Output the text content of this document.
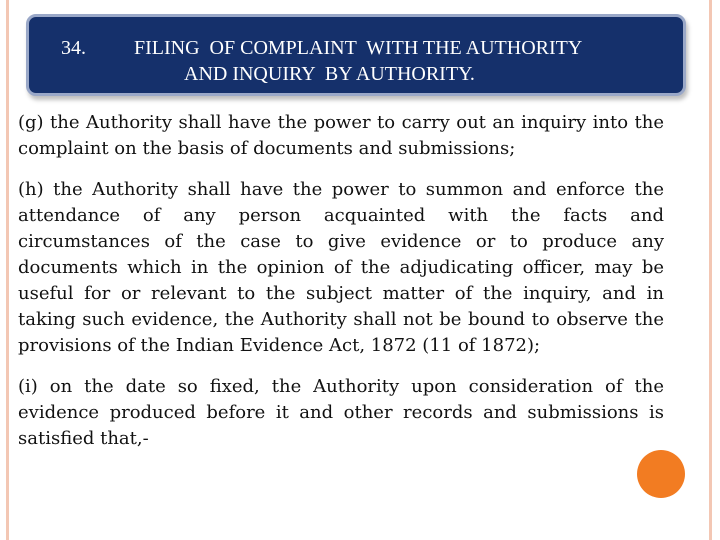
34. FILING  OF COMPLAINT  WITH THE AUTHORITY
AND INQUIRY  BY AUTHORITY.

(g) the Authority shall have the power to carry out an inquiry into the complaint on the basis of documents and submissions;

(h) the Authority shall have the power to summon and enforce the attendance of any person acquainted with the facts and circumstances of the case to give evidence or to produce any documents which in the opinion of the adjudicating officer, may be useful for or relevant to the subject matter of the inquiry, and in taking such evidence, the Authority shall not be bound to observe the provisions of the Indian Evidence Act, 1872 (11 of 1872);

(i) on the date so fixed, the Authority upon consideration of the evidence produced before it and other records and submissions is satisfied that,-
